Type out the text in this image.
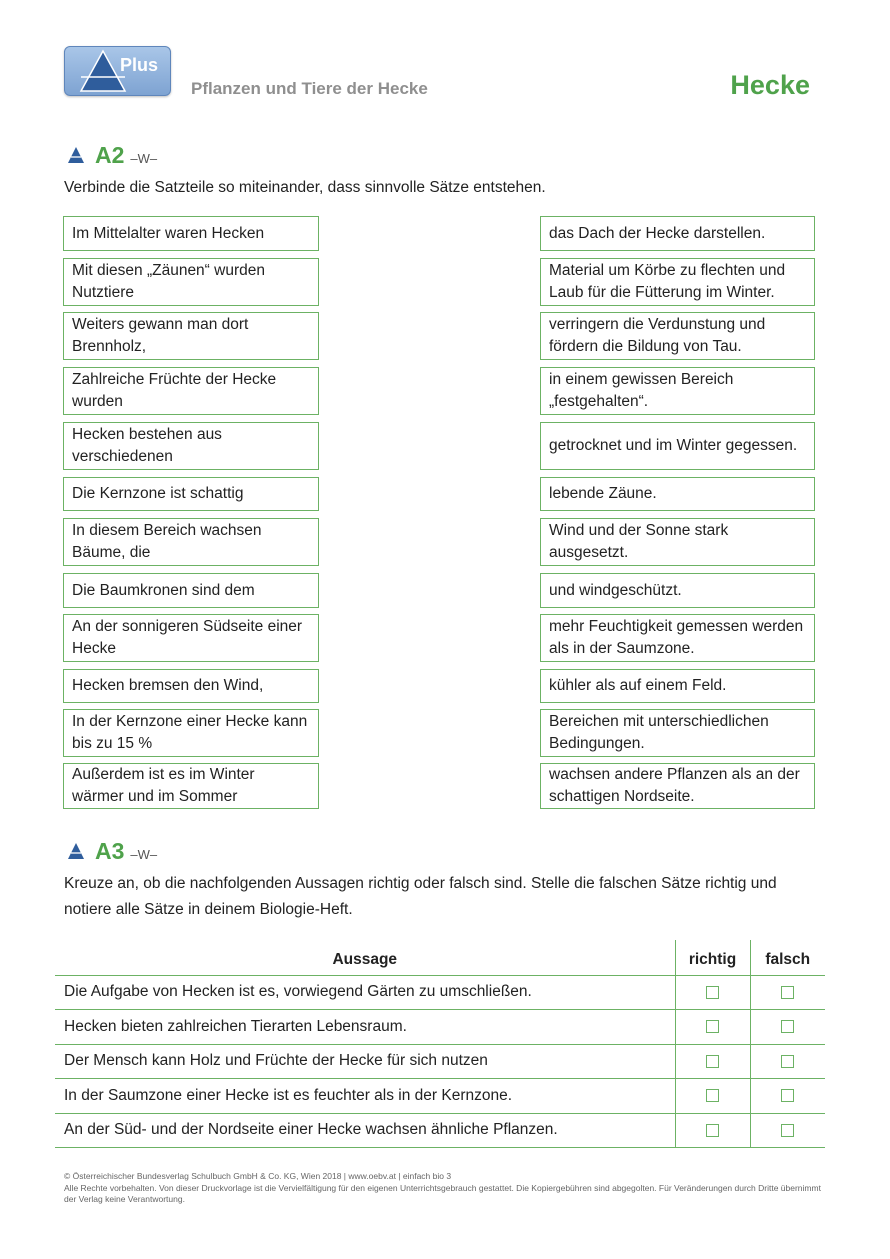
Plus
Pflanzen und Tiere der Hecke	Hecke
A2 –W–
Verbinde die Satzteile so miteinander, dass sinnvolle Sätze entstehen.
Im Mittelalter waren Hecken
Mit diesen „Zäunen“ wurden Nutztiere
Weiters gewann man dort Brennholz,
Zahlreiche Früchte der Hecke wurden
Hecken bestehen aus verschiedenen
Die Kernzone ist schattig
In diesem Bereich wachsen Bäume, die
Die Baumkronen sind dem
An der sonnigeren Südseite einer Hecke
Hecken bremsen den Wind,
In der Kernzone einer Hecke kann bis zu 15 %
Außerdem ist es im Winter wärmer und im Sommer
das Dach der Hecke darstellen.
Material um Körbe zu flechten und Laub für die Fütterung im Winter.
verringern die Verdunstung und fördern die Bildung von Tau.
in einem gewissen Bereich „festgehalten“.
getrocknet und im Winter gegessen.
lebende Zäune.
Wind und der Sonne stark ausgesetzt.
und windgeschützt.
mehr Feuchtigkeit gemessen werden als in der Saumzone.
kühler als auf einem Feld.
Bereichen mit unterschiedlichen Bedingungen.
wachsen andere Pflanzen als an der schattigen Nordseite.
A3 –W–
Kreuze an, ob die nachfolgenden Aussagen richtig oder falsch sind. Stelle die falschen Sätze richtig und notiere alle Sätze in deinem Biologie-Heft.
Aussage	richtig	falsch
Die Aufgabe von Hecken ist es, vorwiegend Gärten zu umschließen.		
Hecken bieten zahlreichen Tierarten Lebensraum.		
Der Mensch kann Holz und Früchte der Hecke für sich nutzen		
In der Saumzone einer Hecke ist es feuchter als in der Kernzone.		
An der Süd- und der Nordseite einer Hecke wachsen ähnliche Pflanzen.		
© Österreichischer Bundesverlag Schulbuch GmbH & Co. KG, Wien 2018 | www.oebv.at | einfach bio 3
Alle Rechte vorbehalten. Von dieser Druckvorlage ist die Vervielfältigung für den eigenen Unterrichtsgebrauch gestattet. Die Kopiergebühren sind abgegolten. Für Veränderungen durch Dritte übernimmt der Verlag keine Verantwortung.
